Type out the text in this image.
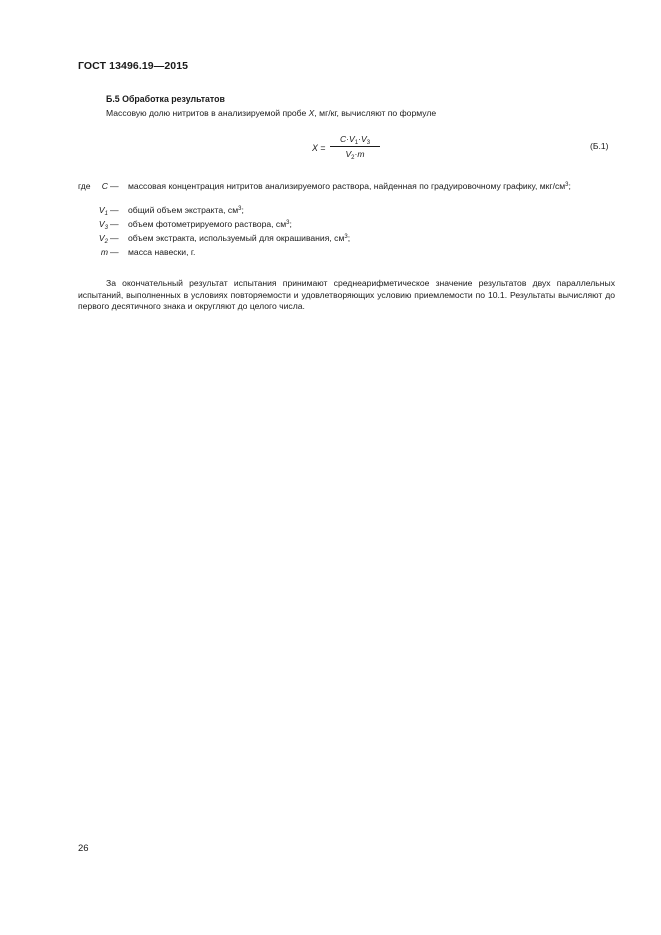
ГОСТ 13496.19—2015
Б.5 Обработка результатов
Массовую долю нитритов в анализируемой пробе X, мг/кг, вычисляют по формуле
X =
$C\cdot V_1\cdot V_3$
$V_2\cdot m$
(Б.1)
где	C — массовая концентрация нитритов анализируемого раствора, найденная по градуировочному графику, мкг/$см^3$;
$V_1$ — общий объем экстракта, $см^3$;
$V_3$ — объем фотометрируемого раствора, $см^3$;
$V_2$ — объем экстракта, используемый для окрашивания, $см^3$;
m — масса навески, г.
За окончательный результат испытания принимают среднеарифметическое значение результатов двух параллельных испытаний, выполненных в условиях повторяемости и удовлетворяющих условию приемлемости по 10.1. Результаты вычисляют до первого десятичного знака и округляют до целого числа.
26
